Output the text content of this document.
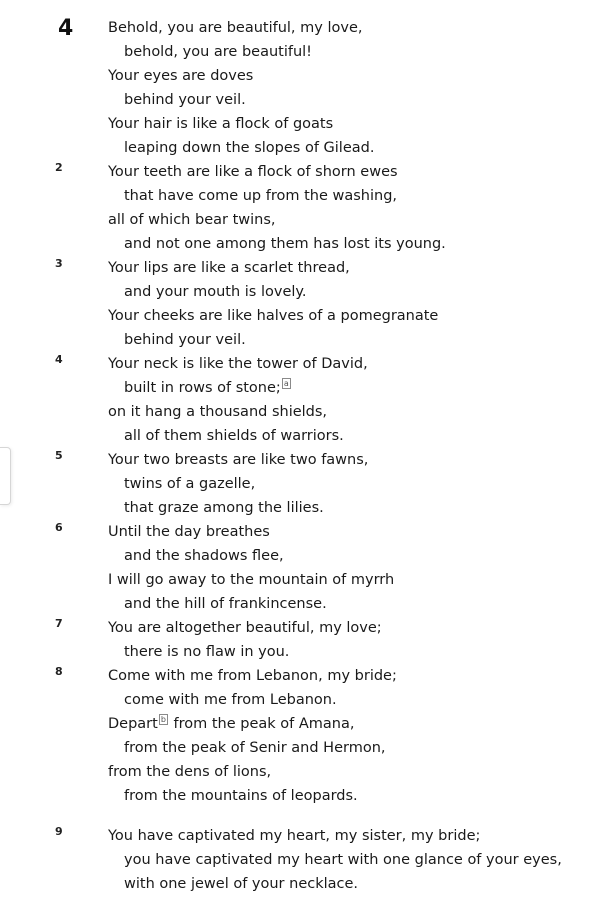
4	Behold, you are beautiful, my love,
behold, you are beautiful!
Your eyes are doves
behind your veil.
Your hair is like a flock of goats
leaping down the slopes of Gilead.
2	Your teeth are like a flock of shorn ewes
that have come up from the washing,
all of which bear twins,
and not one among them has lost its young.
3	Your lips are like a scarlet thread,
and your mouth is lovely.
Your cheeks are like halves of a pomegranate
behind your veil.
4	Your neck is like the tower of David,
built in rows of stone; a
on it hang a thousand shields,
all of them shields of warriors.
5	Your two breasts are like two fawns,
twins of a gazelle,
that graze among the lilies.
6	Until the day breathes
and the shadows flee,
I will go away to the mountain of myrrh
and the hill of frankincense.
7	You are altogether beautiful, my love;
there is no flaw in you.
8	Come with me from Lebanon, my bride;
come with me from Lebanon.
Depart b from the peak of Amana,
from the peak of Senir and Hermon,
from the dens of lions,
from the mountains of leopards.
9	You have captivated my heart, my sister, my bride;
you have captivated my heart with one glance of your eyes,
with one jewel of your necklace.
